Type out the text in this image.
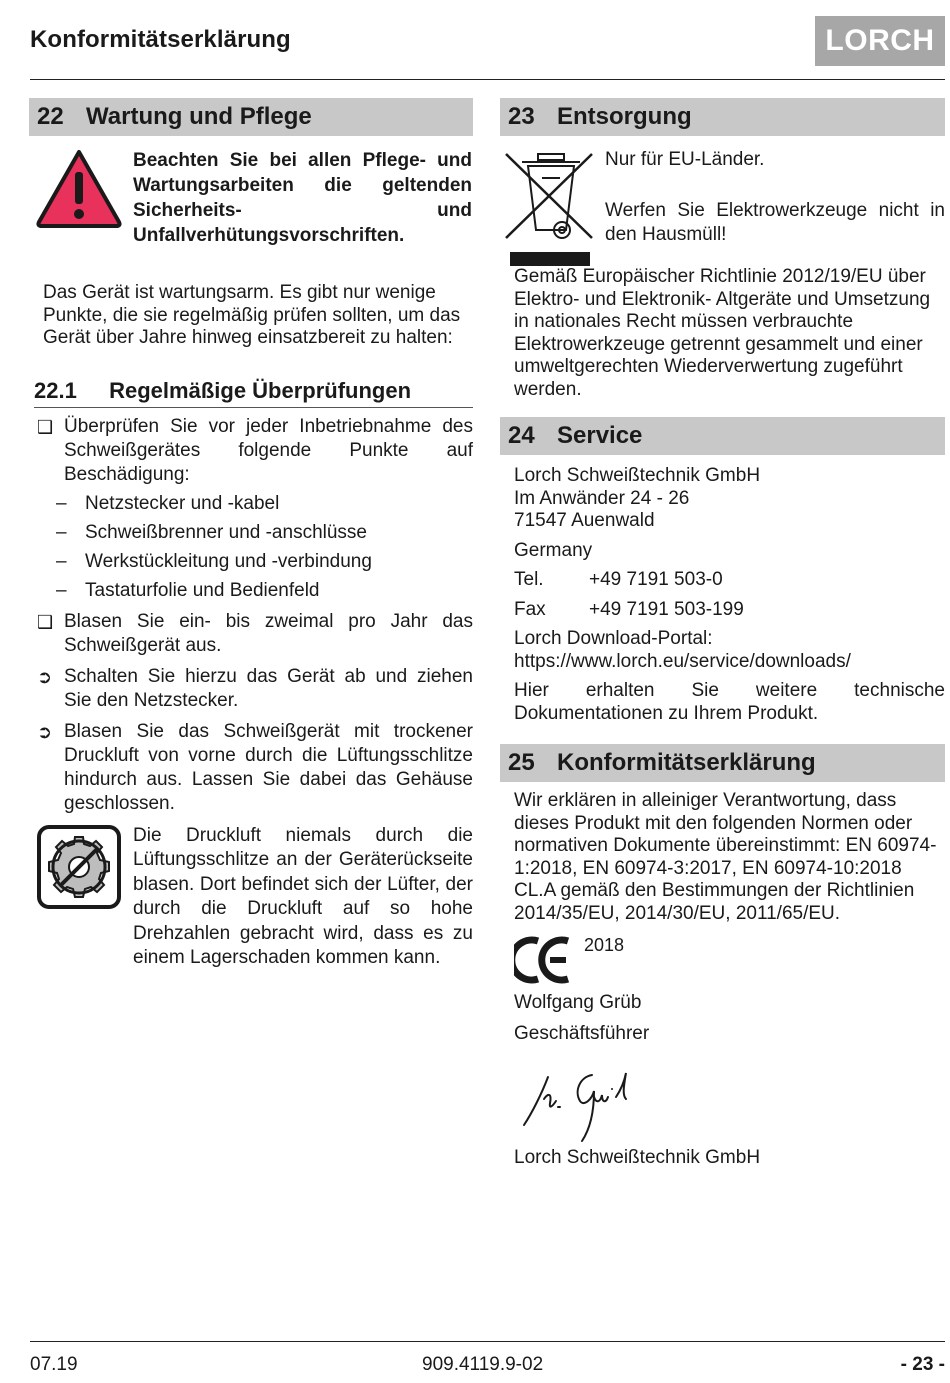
Konformitätserklärung	LORCH
22 Wartung und Pflege
Beachten Sie bei allen Pflege- und Wartungsarbeiten die geltenden Sicherheits- und Unfallverhütungsvorschriften.
Das Gerät ist wartungsarm. Es gibt nur wenige Punkte, die sie regelmäßig prüfen sollten, um das Gerät über Jahre hinweg einsatzbereit zu halten:
22.1 Regelmäßige Überprüfungen
❑ Überprüfen Sie vor jeder Inbetriebnahme des Schweißgerätes folgende Punkte auf Beschädigung:
– Netzstecker und -kabel
– Schweißbrenner und -anschlüsse
– Werkstückleitung und -verbindung
– Tastaturfolie und Bedienfeld
❑ Blasen Sie ein- bis zweimal pro Jahr das Schweißgerät aus.
➲ Schalten Sie hierzu das Gerät ab und ziehen Sie den Netzstecker.
➲ Blasen Sie das Schweißgerät mit trockener Druckluft von vorne durch die Lüftungsschlitze hindurch aus. Lassen Sie dabei das Gehäuse geschlossen.
Die Druckluft niemals durch die Lüftungsschlitze an der Geräterückseite blasen. Dort befindet sich der Lüfter, der durch die Druckluft auf so hohe Drehzahlen gebracht wird, dass es zu einem Lagerschaden kommen kann.
23 Entsorgung
Nur für EU-Länder.
Werfen Sie Elektrowerkzeuge nicht in den Hausmüll!
Gemäß Europäischer Richtlinie 2012/19/EU über Elektro- und Elektronik- Altgeräte und Umsetzung in nationales Recht müssen verbrauchte Elektrowerkzeuge getrennt gesammelt und einer umweltgerechten Wiederverwertung zugeführt werden.
24 Service
Lorch Schweißtechnik GmbH
Im Anwänder 24 - 26
71547 Auenwald
Germany
Tel.	+49 7191 503-0
Fax	+49 7191 503-199
Lorch Download-Portal:
https://www.lorch.eu/service/downloads/
Hier erhalten Sie weitere technische Dokumentationen zu Ihrem Produkt.
25 Konformitätserklärung
Wir erklären in alleiniger Verantwortung, dass dieses Produkt mit den folgenden Normen oder normativen Dokumente übereinstimmt: EN 60974-1:2018, EN 60974-3:2017, EN 60974-10:2018 CL.A gemäß den Bestimmungen der Richtlinien 2014/35/EU, 2014/30/EU, 2011/65/EU.
2018
Wolfgang Grüb
Geschäftsführer
Lorch Schweißtechnik GmbH
07.19	909.4119.9-02	- 23 -
